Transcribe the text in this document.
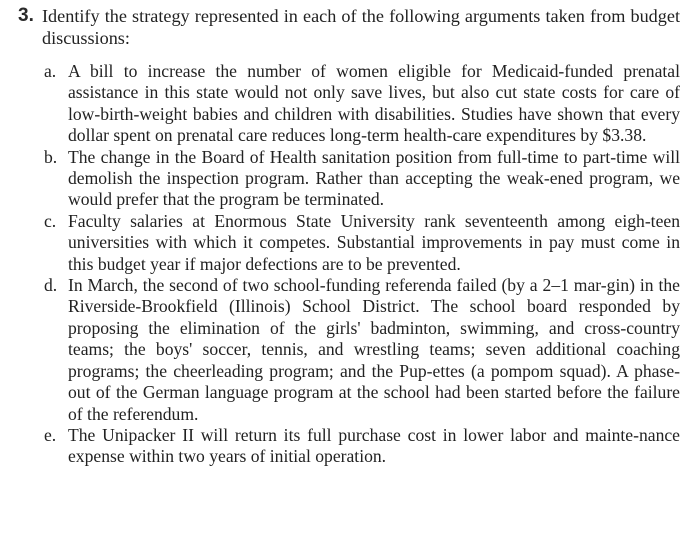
3. Identify the strategy represented in each of the following arguments taken from budget discussions:
a. A bill to increase the number of women eligible for Medicaid-funded prenatal assistance in this state would not only save lives, but also cut state costs for care of low-birth-weight babies and children with disabilities. Studies have shown that every dollar spent on prenatal care reduces long-term health-care expenditures by $3.38.
b. The change in the Board of Health sanitation position from full-time to part-time will demolish the inspection program. Rather than accepting the weak-ened program, we would prefer that the program be terminated.
c. Faculty salaries at Enormous State University rank seventeenth among eigh-teen universities with which it competes. Substantial improvements in pay must come in this budget year if major defections are to be prevented.
d. In March, the second of two school-funding referenda failed (by a 2–1 mar-gin) in the Riverside-Brookfield (Illinois) School District. The school board responded by proposing the elimination of the girls' badminton, swimming, and cross-country teams; the boys' soccer, tennis, and wrestling teams; seven additional coaching programs; the cheerleading program; and the Pup-ettes (a pompom squad). A phase-out of the German language program at the school had been started before the failure of the referendum.
e. The Unipacker II will return its full purchase cost in lower labor and mainte-nance expense within two years of initial operation.
